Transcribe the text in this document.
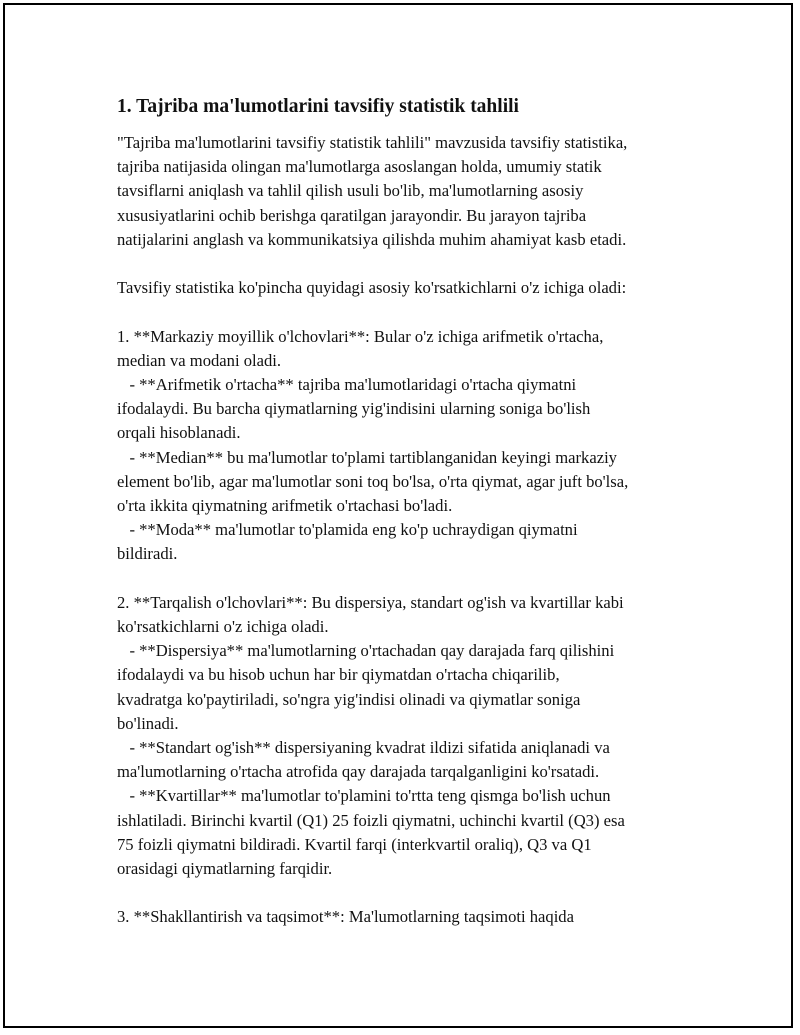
1. Tajriba ma'lumotlarini tavsifiy statistik tahlili
"Tajriba ma'lumotlarini tavsifiy statistik tahlili" mavzusida tavsifiy statistika,
tajriba natijasida olingan ma'lumotlarga asoslangan holda, umumiy statik
tavsiflarni aniqlash va tahlil qilish usuli bo'lib, ma'lumotlarning asosiy
xususiyatlarini ochib berishga qaratilgan jarayondir. Bu jarayon tajriba
natijalarini anglash va kommunikatsiya qilishda muhim ahamiyat kasb etadi.
Tavsifiy statistika ko'pincha quyidagi asosiy ko'rsatkichlarni o'z ichiga oladi:
1. **Markaziy moyillik o'lchovlari**: Bular o'z ichiga arifmetik o'rtacha,
median va modani oladi.
- **Arifmetik o'rtacha** tajriba ma'lumotlaridagi o'rtacha qiymatni
ifodalaydi. Bu barcha qiymatlarning yig'indisini ularning soniga bo'lish
orqali hisoblanadi.
- **Median** bu ma'lumotlar to'plami tartiblanganidan keyingi markaziy
element bo'lib, agar ma'lumotlar soni toq bo'lsa, o'rta qiymat, agar juft bo'lsa,
o'rta ikkita qiymatning arifmetik o'rtachasi bo'ladi.
- **Moda** ma'lumotlar to'plamida eng ko'p uchraydigan qiymatni
bildiradi.
2. **Tarqalish o'lchovlari**: Bu dispersiya, standart og'ish va kvartillar kabi
ko'rsatkichlarni o'z ichiga oladi.
- **Dispersiya** ma'lumotlarning o'rtachadan qay darajada farq qilishini
ifodalaydi va bu hisob uchun har bir qiymatdan o'rtacha chiqarilib,
kvadratga ko'paytiriladi, so'ngra yig'indisi olinadi va qiymatlar soniga
bo'linadi.
- **Standart og'ish** dispersiyaning kvadrat ildizi sifatida aniqlanadi va
ma'lumotlarning o'rtacha atrofida qay darajada tarqalganligini ko'rsatadi.
- **Kvartillar** ma'lumotlar to'plamini to'rtta teng qismga bo'lish uchun
ishlatiladi. Birinchi kvartil (Q1) 25 foizli qiymatni, uchinchi kvartil (Q3) esa
75 foizli qiymatni bildiradi. Kvartil farqi (interkvartil oraliq), Q3 va Q1
orasidagi qiymatlarning farqidir.
3. **Shakllantirish va taqsimot**: Ma'lumotlarning taqsimoti haqida
